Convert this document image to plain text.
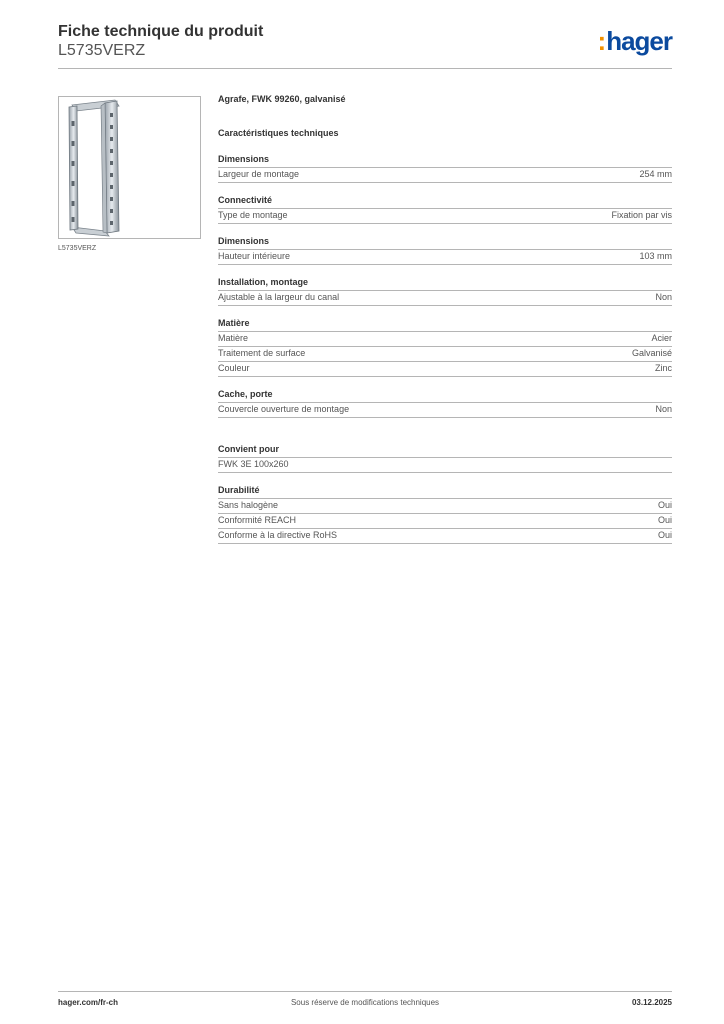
Fiche technique du produit
L5735VERZ	:hager
L5735VERZ
Agrafe, FWK 99260, galvanisé
Caractéristiques techniques
Dimensions
Largeur de montage	254 mm
Connectivité
Type de montage	Fixation par vis
Dimensions
Hauteur intérieure	103 mm
Installation, montage
Ajustable à la largeur du canal	Non
Matière
Matière	Acier
Traitement de surface	Galvanisé
Couleur	Zinc
Cache, porte
Couvercle ouverture de montage	Non
Convient pour
FWK 3E 100x260
Durabilité
Sans halogène	Oui
Conformité REACH	Oui
Conforme à la directive RoHS	Oui
hager.com/fr-ch	Sous réserve de modifications techniques	03.12.2025
